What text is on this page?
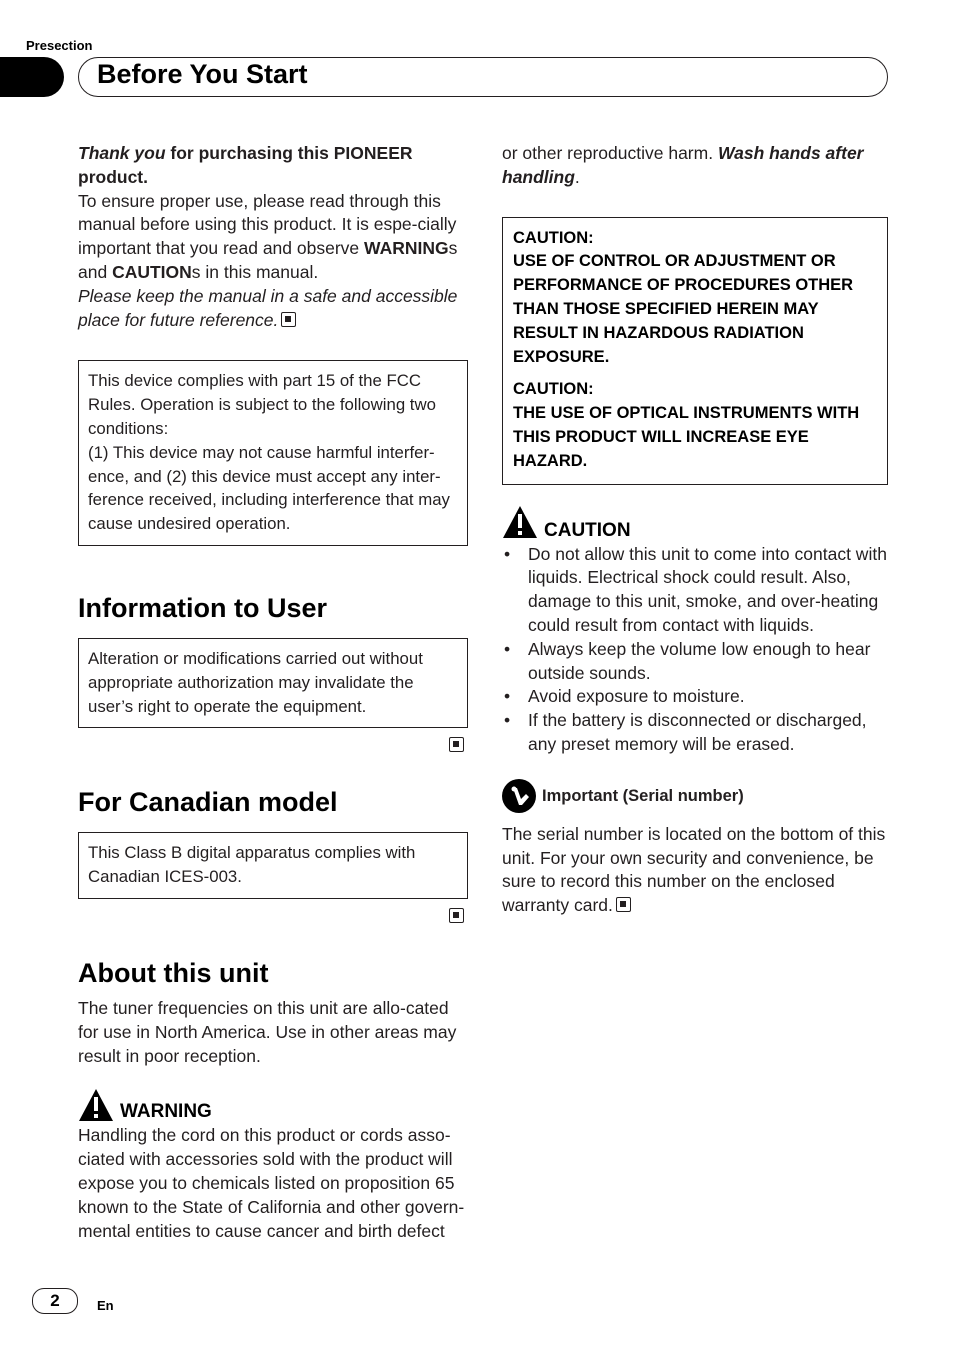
Presection
Before You Start

Thank you for purchasing this PIONEER product.

To ensure proper use, please read through this manual before using this product. It is espe-cially important that you read and observe WARNINGs and CAUTIONs in this manual.

Please keep the manual in a safe and accessible place for future reference.

This device complies with part 15 of the FCC Rules. Operation is subject to the following two conditions:

(1) This device may not cause harmful interfer-ence, and (2) this device must accept any inter-ference received, including interference that may cause undesired operation.

Information to User

Alteration or modifications carried out without appropriate authorization may invalidate the user’s right to operate the equipment.

For Canadian model

This Class B digital apparatus complies with Canadian ICES-003.

About this unit

The tuner frequencies on this unit are allo-cated for use in North America. Use in other areas may result in poor reception.

WARNING

Handling the cord on this product or cords asso-ciated with accessories sold with the product will expose you to chemicals listed on proposition 65 known to the State of California and other govern-mental entities to cause cancer and birth defect

or other reproductive harm. Wash hands after handling.

CAUTION:

USE OF CONTROL OR ADJUSTMENT OR PERFORMANCE OF PROCEDURES OTHER THAN THOSE SPECIFIED HEREIN MAY RESULT IN HAZARDOUS RADIATION EXPOSURE.

CAUTION:

THE USE OF OPTICAL INSTRUMENTS WITH THIS PRODUCT WILL INCREASE EYE HAZARD.

CAUTION
• Do not allow this unit to come into contact with liquids. Electrical shock could result. Also, damage to this unit, smoke, and over-heating could result from contact with liquids.
• Always keep the volume low enough to hear outside sounds.
• Avoid exposure to moisture.
• If the battery is disconnected or discharged, any preset memory will be erased.
Important (Serial number)

The serial number is located on the bottom of this unit. For your own security and convenience, be sure to record this number on the enclosed warranty card.

2	En
